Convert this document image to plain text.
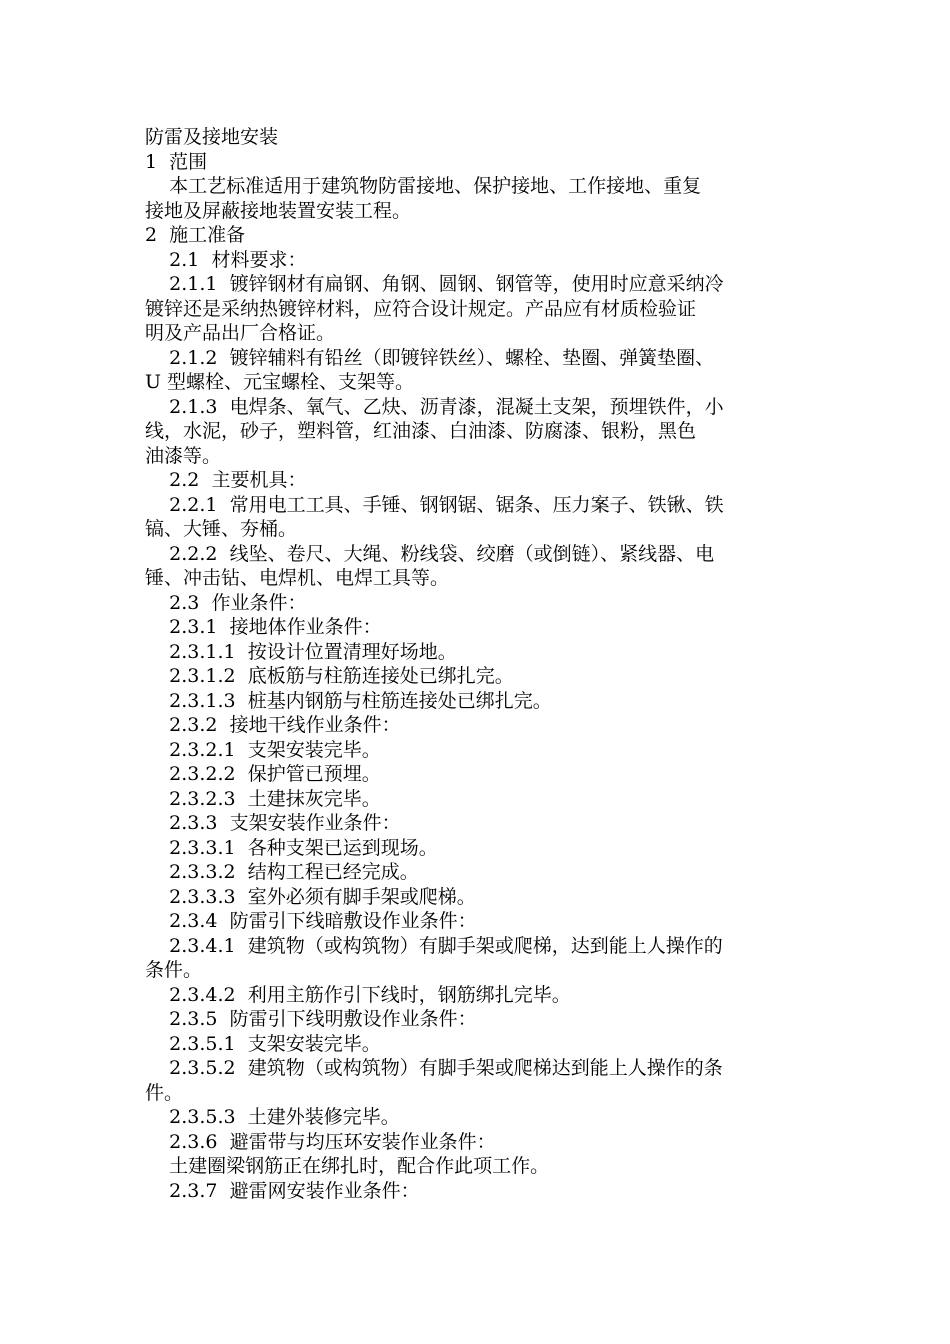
防雷及接地安装
1  范围
本工艺标准适用于建筑物防雷接地、保护接地、工作接地、重复
接地及屏蔽接地装置安装工程。
2  施工准备
2.1  材料要求：
2.1.1  镀锌钢材有扁钢、角钢、圆钢、钢管等，使用时应意采纳冷
镀锌还是采纳热镀锌材料，应符合设计规定。产品应有材质检验证
明及产品出厂合格证。
2.1.2  镀锌辅料有铅丝（即镀锌铁丝）、螺栓、垫圈、弹簧垫圈、
U 型螺栓、元宝螺栓、支架等。
2.1.3  电焊条、氧气、乙炔、沥青漆，混凝土支架，预埋铁件，小
线，水泥，砂子，塑料管，红油漆、白油漆、防腐漆、银粉，黑色
油漆等。
2.2  主要机具：
2.2.1  常用电工工具、手锤、钢钢锯、锯条、压力案子、铁锹、铁
镐、大锤、夯桶。
2.2.2  线坠、卷尺、大绳、粉线袋、绞磨（或倒链）、紧线器、电
锤、冲击钻、电焊机、电焊工具等。
2.3  作业条件：
2.3.1  接地体作业条件：
2.3.1.1  按设计位置清理好场地。
2.3.1.2  底板筋与柱筋连接处已绑扎完。
2.3.1.3  桩基内钢筋与柱筋连接处已绑扎完。
2.3.2  接地干线作业条件：
2.3.2.1  支架安装完毕。
2.3.2.2  保护管已预埋。
2.3.2.3  土建抹灰完毕。
2.3.3  支架安装作业条件：
2.3.3.1  各种支架已运到现场。
2.3.3.2  结构工程已经完成。
2.3.3.3  室外必须有脚手架或爬梯。
2.3.4  防雷引下线暗敷设作业条件：
2.3.4.1  建筑物（或构筑物）有脚手架或爬梯，达到能上人操作的
条件。
2.3.4.2  利用主筋作引下线时，钢筋绑扎完毕。
2.3.5  防雷引下线明敷设作业条件：
2.3.5.1  支架安装完毕。
2.3.5.2  建筑物（或构筑物）有脚手架或爬梯达到能上人操作的条
件。
2.3.5.3  土建外装修完毕。
2.3.6  避雷带与均压环安装作业条件：
土建圈梁钢筋正在绑扎时，配合作此项工作。
2.3.7  避雷网安装作业条件：
